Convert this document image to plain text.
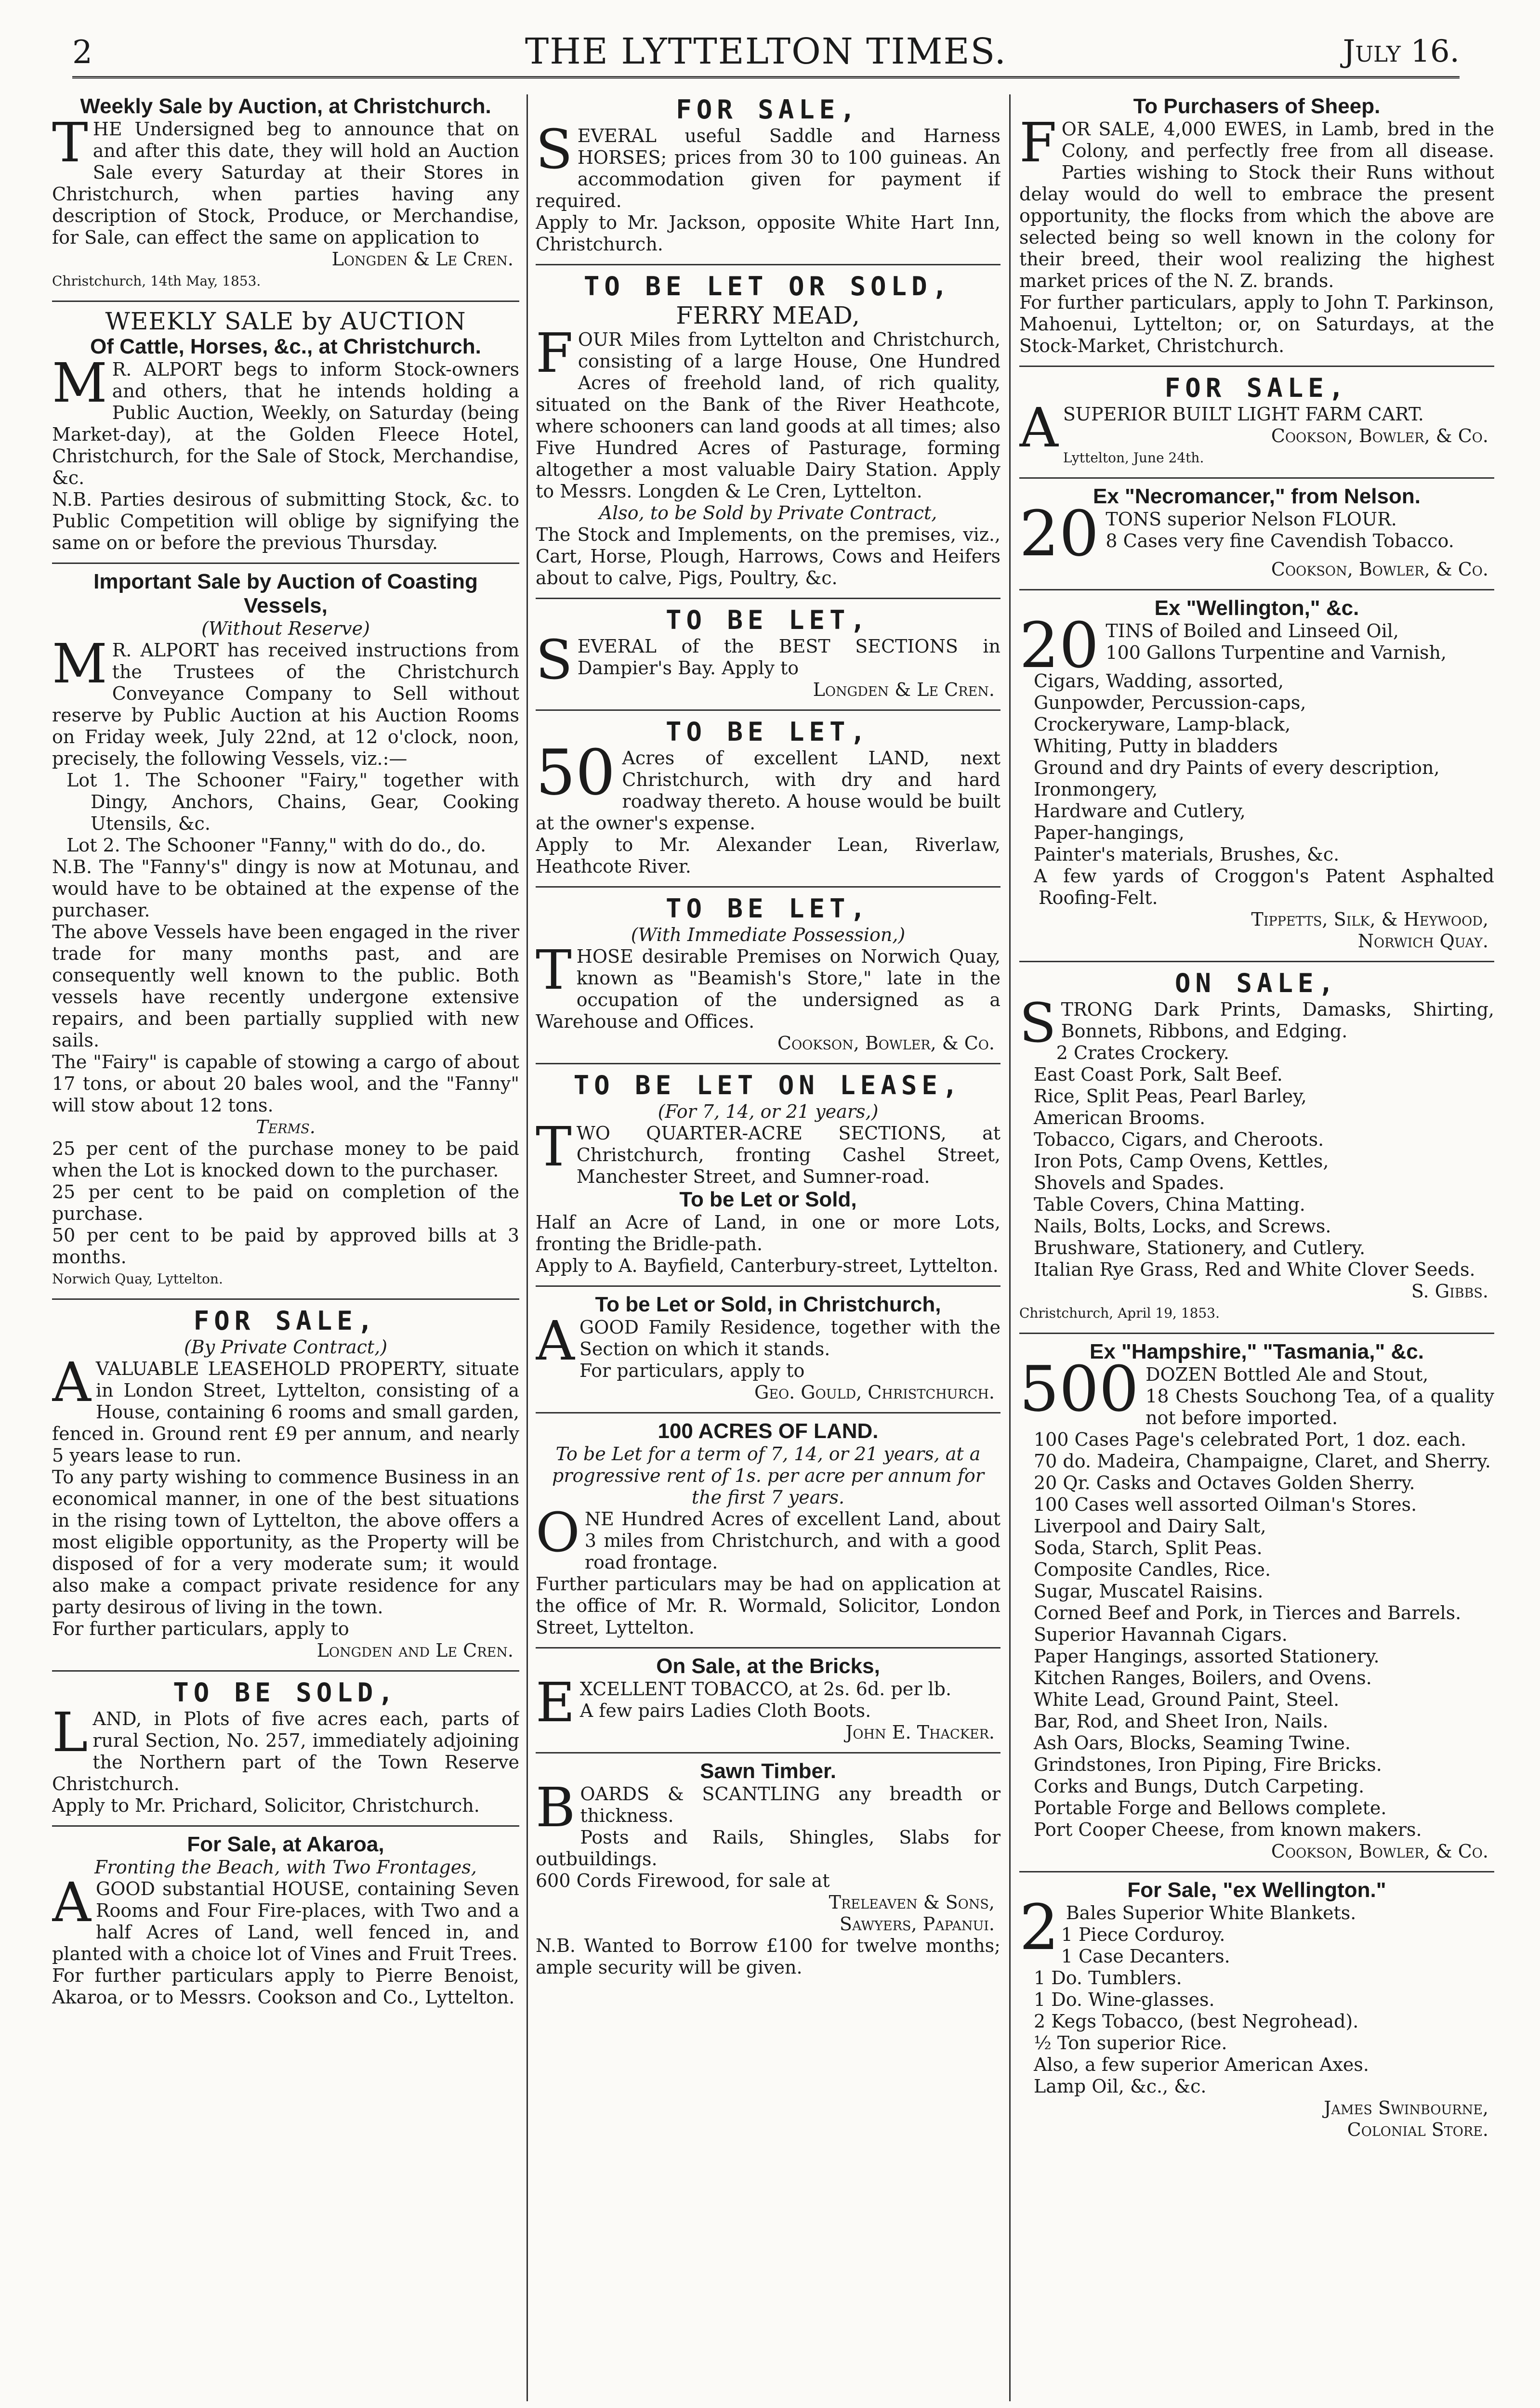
2	THE LYTTELTON TIMES.	July 16.
Weekly Sale by Auction, at Christchurch.

THE Undersigned beg to announce that on and after this date, they will hold an Auction Sale every Saturday at their Stores in Christchurch, when parties having any description of Stock, Produce, or Merchandise, for Sale, can effect the same on application to

Longden & Le Cren.
Christchurch, 14th May, 1853.
WEEKLY SALE by AUCTION
Of Cattle, Horses, &c., at Christchurch.

M R. ALPORT begs to inform Stock-owners and others, that he intends holding a Public Auction, Weekly, on Saturday (being Market-day), at the Golden Fleece Hotel, Christchurch, for the Sale of Stock, Merchandise, &c.

N.B. Parties desirous of submitting Stock, &c. to Public Competition will oblige by signifying the same on or before the previous Thursday.

Important Sale by Auction of Coasting Vessels,
(Without Reserve)

M R. ALPORT has received instructions from the Trustees of the Christchurch Conveyance Company to Sell without reserve by Public Auction at his Auction Rooms on Friday week, July 22nd, at 12 o'clock, noon, precisely, the following Vessels, viz.:—

Lot 1. The Schooner "Fairy," together with Dingy, Anchors, Chains, Gear, Cooking Utensils, &c.

Lot 2. The Schooner "Fanny," with do do., do.

N.B. The "Fanny's" dingy is now at Motunau, and would have to be obtained at the expense of the purchaser.

The above Vessels have been engaged in the river trade for many months past, and are consequently well known to the public. Both vessels have recently undergone extensive repairs, and been partially supplied with new sails.

The "Fairy" is capable of stowing a cargo of about 17 tons, or about 20 bales wool, and the "Fanny" will stow about 12 tons.

Terms.

25 per cent of the purchase money to be paid when the Lot is knocked down to the purchaser.

25 per cent to be paid on completion of the purchase.

50 per cent to be paid by approved bills at 3 months.

Norwich Quay, Lyttelton.
FOR SALE,
(By Private Contract,)

AVALUABLE LEASEHOLD PROPERTY, situate in London Street, Lyttelton, consisting of a House, containing 6 rooms and small garden, fenced in. Ground rent £9 per annum, and nearly 5 years lease to run.

To any party wishing to commence Business in an economical manner, in one of the best situations in the rising town of Lyttelton, the above offers a most eligible opportunity, as the Property will be disposed of for a very moderate sum; it would also make a compact private residence for any party desirous of living in the town.

For further particulars, apply to

Longden and Le Cren.
TO BE SOLD,

LAND, in Plots of five acres each, parts of rural Section, No. 257, immediately adjoining the Northern part of the Town Reserve Christchurch.

Apply to Mr. Prichard, Solicitor, Christchurch.

For Sale, at Akaroa,
Fronting the Beach, with Two Frontages,

AGOOD substantial HOUSE, containing Seven Rooms and Four Fire-places, with Two and a half Acres of Land, well fenced in, and planted with a choice lot of Vines and Fruit Trees.

For further particulars apply to Pierre Benoist, Akaroa, or to Messrs. Cookson and Co., Lyttelton.

FOR SALE,

SEVERAL useful Saddle and Harness HORSES; prices from 30 to 100 guineas. An accommodation given for payment if required.

Apply to Mr. Jackson, opposite White Hart Inn, Christchurch.

TO BE LET OR SOLD,
FERRY MEAD,

FOUR Miles from Lyttelton and Christchurch, consisting of a large House, One Hundred Acres of freehold land, of rich quality, situated on the Bank of the River Heathcote, where schooners can land goods at all times; also Five Hundred Acres of Pasturage, forming altogether a most valuable Dairy Station. Apply to Messrs. Longden & Le Cren, Lyttelton.

Also, to be Sold by Private Contract,

The Stock and Implements, on the premises, viz., Cart, Horse, Plough, Harrows, Cows and Heifers about to calve, Pigs, Poultry, &c.

TO BE LET,

SEVERAL of the BEST SECTIONS in Dampier's Bay. Apply to

Longden & Le Cren.
TO BE LET,

50 Acres of excellent LAND, next Christchurch, with dry and hard roadway thereto. A house would be built at the owner's expense.

Apply to Mr. Alexander Lean, Riverlaw, Heathcote River.

TO BE LET,
(With Immediate Possession,)

THOSE desirable Premises on Norwich Quay, known as "Beamish's Store," late in the occupation of the undersigned as a Warehouse and Offices.

Cookson, Bowler, & Co.
TO BE LET ON LEASE,
(For 7, 14, or 21 years,)

TWO QUARTER-ACRE SECTIONS, at Christchurch, fronting Cashel Street, Manchester Street, and Sumner-road.

To be Let or Sold,

Half an Acre of Land, in one or more Lots, fronting the Bridle-path.

Apply to A. Bayfield, Canterbury-street, Lyttelton.

To be Let or Sold, in Christchurch,

AGOOD Family Residence, together with the Section on which it stands.

For particulars, apply to

Geo. Gould, Christchurch.
100 ACRES OF LAND.
To be Let for a term of 7, 14, or 21 years, at a progressive rent of 1s. per acre per annum for the first 7 years.

ONE Hundred Acres of excellent Land, about 3 miles from Christchurch, and with a good road frontage.

Further particulars may be had on application at the office of Mr. R. Wormald, Solicitor, London Street, Lyttelton.

On Sale, at the Bricks,

EXCELLENT TOBACCO, at 2s. 6d. per lb.

A few pairs Ladies Cloth Boots.

John E. Thacker.
Sawn Timber.

BOARDS & SCANTLING any breadth or thickness.

Posts and Rails, Shingles, Slabs for outbuildings.

600 Cords Firewood, for sale at

Treleaven & Sons,
Sawyers, Papanui.

N.B. Wanted to Borrow £100 for twelve months; ample security will be given.

To Purchasers of Sheep.

FOR SALE, 4,000 EWES, in Lamb, bred in the Colony, and perfectly free from all disease. Parties wishing to Stock their Runs without delay would do well to embrace the present opportunity, the flocks from which the above are selected being so well known in the colony for their breed, their wool realizing the highest market prices of the N. Z. brands.

For further particulars, apply to John T. Parkinson, Mahoenui, Lyttelton; or, on Saturdays, at the Stock-Market, Christchurch.

FOR SALE,

ASUPERIOR BUILT LIGHT FARM CART.

Cookson, Bowler, & Co.
Lyttelton, June 24th.
Ex "Necromancer," from Nelson.

20 TONS superior Nelson FLOUR.
8 Cases very fine Cavendish Tobacco.

Cookson, Bowler, & Co.
Ex "Wellington," &c.

20 TINS of Boiled and Linseed Oil,
100 Gallons Turpentine and Varnish,

Cigars, Wadding, assorted,
Gunpowder, Percussion-caps,
Crockeryware, Lamp-black,
Whiting, Putty in bladders
Ground and dry Paints of every description,
Ironmongery,
Hardware and Cutlery,
Paper-hangings,
Painter's materials, Brushes, &c.
A few yards of Croggon's Patent Asphalted Roofing-Felt.
Tippetts, Silk, & Heywood,
Norwich Quay.
ON SALE,

STRONG Dark Prints, Damasks, Shirting, Bonnets, Ribbons, and Edging.

2 Crates Crockery.
East Coast Pork, Salt Beef.
Rice, Split Peas, Pearl Barley,
American Brooms.
Tobacco, Cigars, and Cheroots.
Iron Pots, Camp Ovens, Kettles,
Shovels and Spades.
Table Covers, China Matting.
Nails, Bolts, Locks, and Screws.
Brushware, Stationery, and Cutlery.
Italian Rye Grass, Red and White Clover Seeds.
S. Gibbs.
Christchurch, April 19, 1853.
Ex "Hampshire," "Tasmania," &c.

500 DOZEN Bottled Ale and Stout,
18 Chests Souchong Tea, of a quality not before imported.

100 Cases Page's celebrated Port, 1 doz. each.
70 do. Madeira, Champaigne, Claret, and Sherry.
20 Qr. Casks and Octaves Golden Sherry.
100 Cases well assorted Oilman's Stores.
Liverpool and Dairy Salt,
Soda, Starch, Split Peas.
Composite Candles, Rice.
Sugar, Muscatel Raisins.
Corned Beef and Pork, in Tierces and Barrels.
Superior Havannah Cigars.
Paper Hangings, assorted Stationery.
Kitchen Ranges, Boilers, and Ovens.
White Lead, Ground Paint, Steel.
Bar, Rod, and Sheet Iron, Nails.
Ash Oars, Blocks, Seaming Twine.
Grindstones, Iron Piping, Fire Bricks.
Corks and Bungs, Dutch Carpeting.
Portable Forge and Bellows complete.
Port Cooper Cheese, from known makers.
Cookson, Bowler, & Co.
For Sale, "ex Wellington."

2 Bales Superior White Blankets.

1 Piece Corduroy.
1 Case Decanters.
1 Do. Tumblers.
1 Do. Wine-glasses.
2 Kegs Tobacco, (best Negrohead).
½ Ton superior Rice.
Also, a few superior American Axes.
Lamp Oil, &c., &c.
James Swinbourne,
Colonial Store.
